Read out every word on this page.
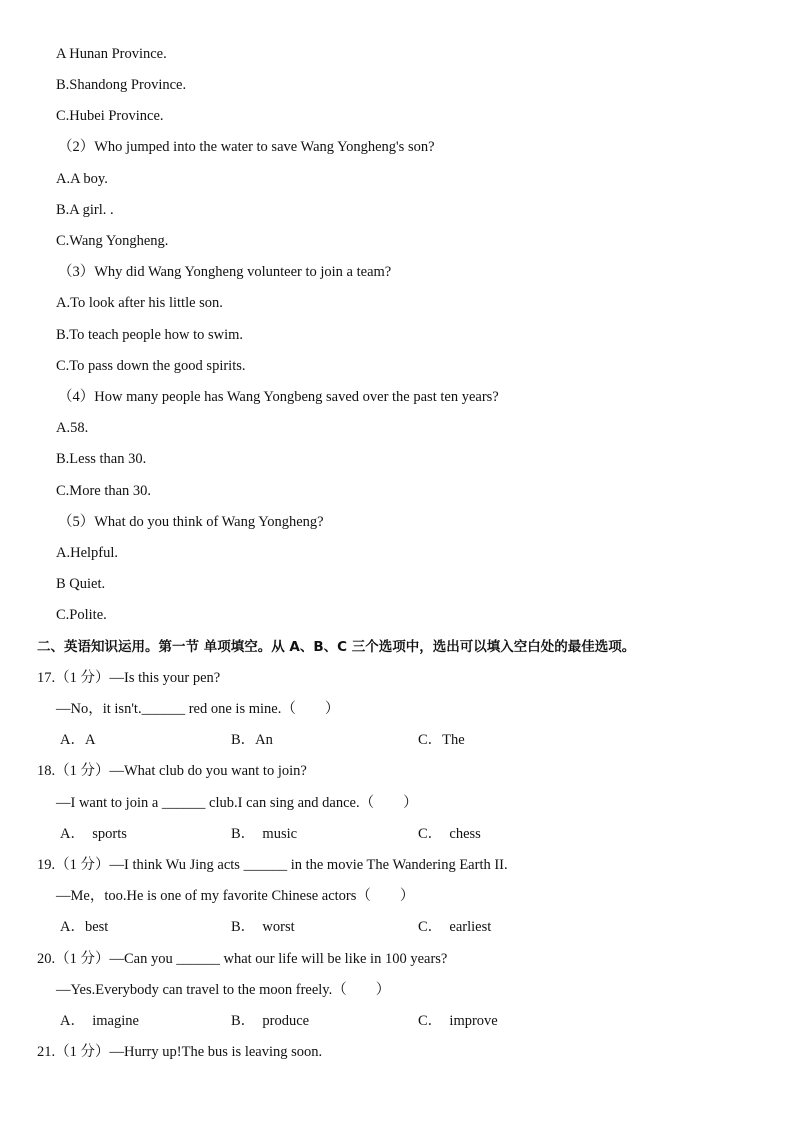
A Hunan Province.
B.Shandong Province.
C.Hubei Province.
（2）Who jumped into the water to save Wang Yongheng's son?
A.A boy.
B.A girl. .
C.Wang Yongheng.
（3）Why did Wang Yongheng volunteer to join a team?
A.To look after his little son.
B.To teach people how to swim.
C.To pass down the good spirits.
（4）How many people has Wang Yongbeng saved over the past ten years?
A.58.
B.Less than 30.
C.More than 30.
（5）What do you think of Wang Yongheng?
A.Helpful.
B Quiet.
C.Polite.
二、英语知识运用。第一节 单项填空。从 A、B、C 三个选项中，选出可以填入空白处的最佳选项。
17.（1 分）—Is this your pen?
—No，it isn't.______ red one is mine.（　　）
A．A	B．An	C．The
18.（1 分）—What club do you want to join?
—I want to join a ______ club.I can sing and dance.（　　）
A．  sports	B．  music	C．  chess
19.（1 分）—I think Wu Jing acts ______ in the movie The Wandering Earth II.
—Me，too.He is one of my favorite Chinese actors（　　）
A．best	B．  worst	C．  earliest
20.（1 分）—Can you ______ what our life will be like in 100 years?
—Yes.Everybody can travel to the moon freely.（　　）
A．  imagine	B．  produce	C．  improve
21.（1 分）—Hurry up!The bus is leaving soon.
